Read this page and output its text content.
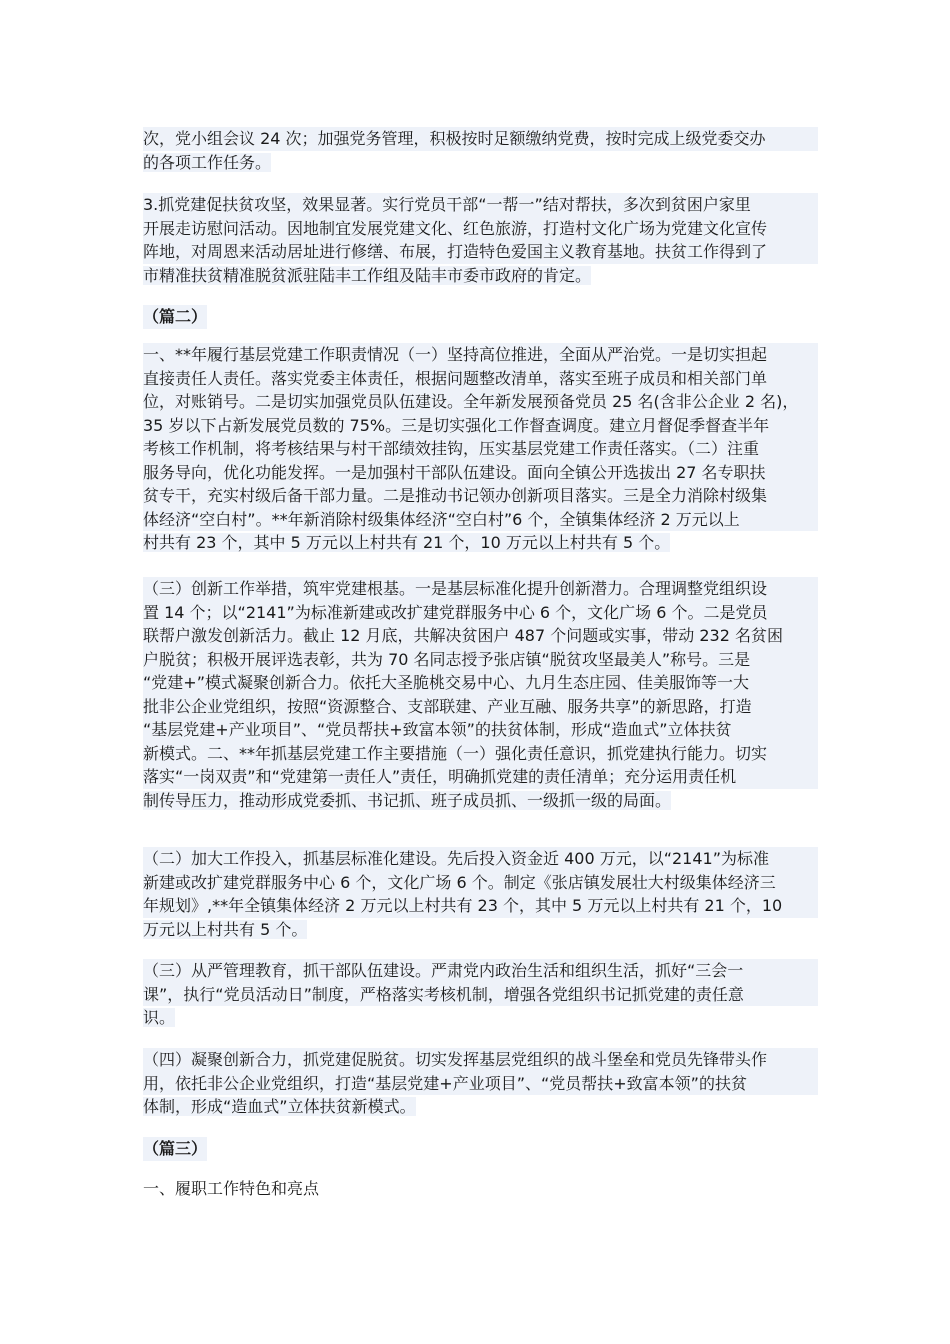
次，党小组会议 24 次；加强党务管理，积极按时足额缴纳党费，按时完成上级党委交办
的各项工作任务。

3.抓党建促扶贫攻坚，效果显著。实行党员干部“一帮一”结对帮扶，多次到贫困户家里
开展走访慰问活动。因地制宜发展党建文化、红色旅游，打造村文化广场为党建文化宣传
阵地，对周恩来活动居址进行修缮、布展，打造特色爱国主义教育基地。扶贫工作得到了
市精准扶贫精准脱贫派驻陆丰工作组及陆丰市委市政府的肯定。

（篇二）

一、**年履行基层党建工作职责情况（一）坚持高位推进，全面从严治党。一是切实担起
直接责任人责任。落实党委主体责任，根据问题整改清单，落实至班子成员和相关部门单
位，对账销号。二是切实加强党员队伍建设。全年新发展预备党员 25 名(含非公企业 2 名)，
35 岁以下占新发展党员数的 75%。三是切实强化工作督查调度。建立月督促季督查半年
考核工作机制，将考核结果与村干部绩效挂钩，压实基层党建工作责任落实。（二）注重
服务导向，优化功能发挥。一是加强村干部队伍建设。面向全镇公开选拔出 27 名专职扶
贫专干，充实村级后备干部力量。二是推动书记领办创新项目落实。三是全力消除村级集
体经济“空白村”。**年新消除村级集体经济“空白村”6 个，全镇集体经济 2 万元以上
村共有 23 个，其中 5 万元以上村共有 21 个，10 万元以上村共有 5 个。

（三）创新工作举措，筑牢党建根基。一是基层标准化提升创新潜力。合理调整党组织设
置 14 个；以“2141”为标准新建或改扩建党群服务中心 6 个，文化广场 6 个。二是党员
联帮户激发创新活力。截止 12 月底，共解决贫困户 487 个问题或实事，带动 232 名贫困
户脱贫；积极开展评选表彰，共为 70 名同志授予张店镇“脱贫攻坚最美人”称号。三是
“党建+”模式凝聚创新合力。依托大圣脆桃交易中心、九月生态庄园、佳美服饰等一大
批非公企业党组织，按照“资源整合、支部联建、产业互融、服务共享”的新思路，打造
“基层党建+产业项目”、“党员帮扶+致富本领”的扶贫体制，形成“造血式”立体扶贫
新模式。二、**年抓基层党建工作主要措施（一）强化责任意识，抓党建执行能力。切实
落实“一岗双责”和“党建第一责任人”责任，明确抓党建的责任清单；充分运用责任机
制传导压力，推动形成党委抓、书记抓、班子成员抓、一级抓一级的局面。

（二）加大工作投入，抓基层标准化建设。先后投入资金近 400 万元，以“2141”为标准
新建或改扩建党群服务中心 6 个，文化广场 6 个。制定《张店镇发展壮大村级集体经济三
年规划》,**年全镇集体经济 2 万元以上村共有 23 个，其中 5 万元以上村共有 21 个，10
万元以上村共有 5 个。

（三）从严管理教育，抓干部队伍建设。严肃党内政治生活和组织生活，抓好“三会一
课”，执行“党员活动日”制度，严格落实考核机制，增强各党组织书记抓党建的责任意
识。

（四）凝聚创新合力，抓党建促脱贫。切实发挥基层党组织的战斗堡垒和党员先锋带头作
用，依托非公企业党组织，打造“基层党建+产业项目”、“党员帮扶+致富本领”的扶贫
体制，形成“造血式”立体扶贫新模式。

（篇三）

一、履职工作特色和亮点
